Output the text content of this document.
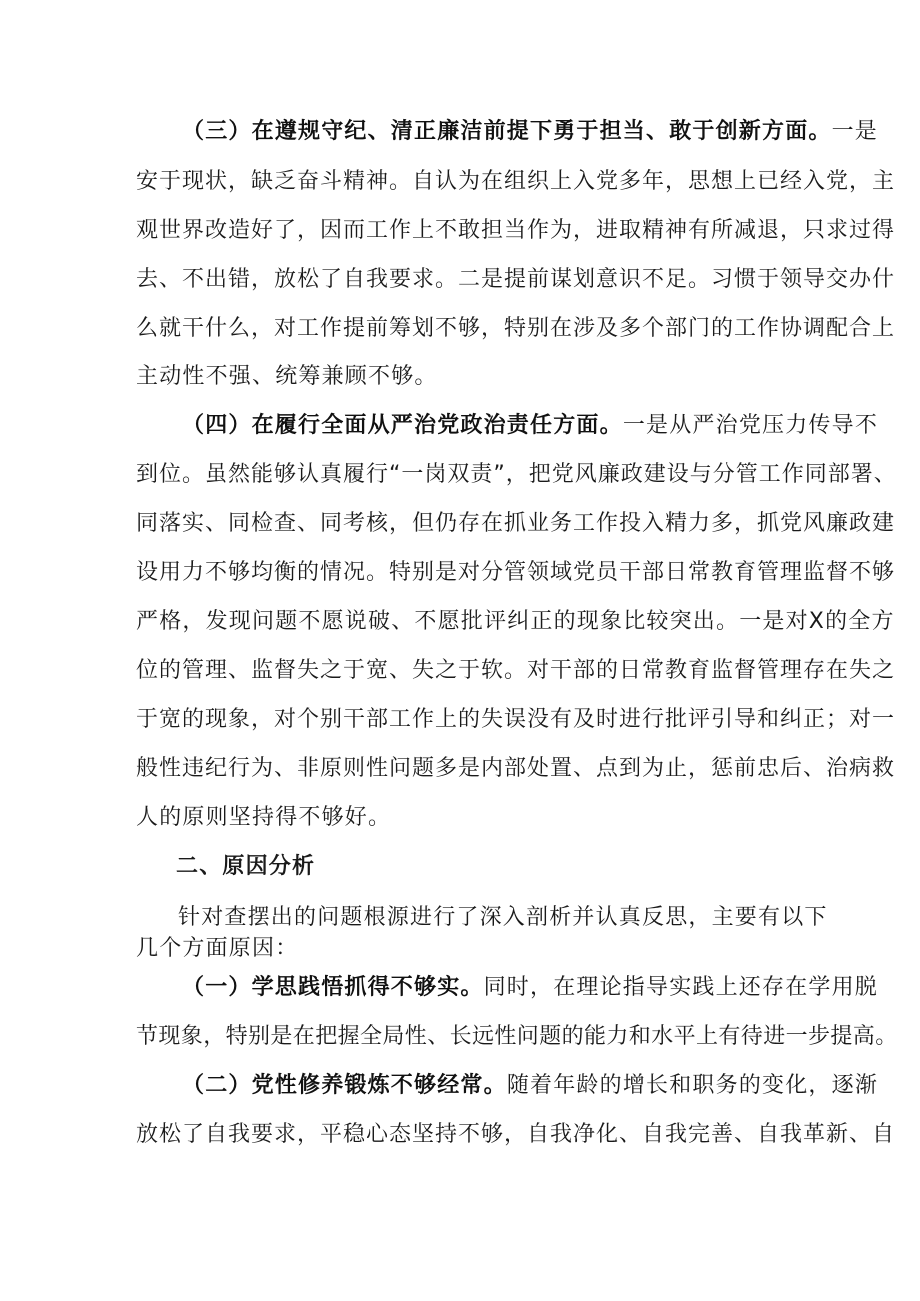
（三）在遵规守纪、清正廉洁前提下勇于担当、敢于创新方面。一是
安于现状，缺乏奋斗精神。自认为在组织上入党多年，思想上已经入党，主
观世界改造好了，因而工作上不敢担当作为，进取精神有所减退，只求过得
去、不出错，放松了自我要求。二是提前谋划意识不足。习惯于领导交办什
么就干什么，对工作提前筹划不够，特别在涉及多个部门的工作协调配合上
主动性不强、统筹兼顾不够。
（四）在履行全面从严治党政治责任方面。一是从严治党压力传导不
到位。虽然能够认真履行“一岗双责”，把党风廉政建设与分管工作同部署、
同落实、同检查、同考核，但仍存在抓业务工作投入精力多，抓党风廉政建
设用力不够均衡的情况。特别是对分管领域党员干部日常教育管理监督不够
严格，发现问题不愿说破、不愿批评纠正的现象比较突出。一是对X的全方
位的管理、监督失之于宽、失之于软。对干部的日常教育监督管理存在失之
于宽的现象，对个别干部工作上的失误没有及时进行批评引导和纠正；对一
般性违纪行为、非原则性问题多是内部处置、点到为止，惩前忠后、治病救
人的原则坚持得不够好。
二、原因分析
针对查摆出的问题根源进行了深入剖析并认真反思，主要有以下
几个方面原因：
（一）学思践悟抓得不够实。同时，在理论指导实践上还存在学用脱
节现象，特别是在把握全局性、长远性问题的能力和水平上有待进一步提高。
（二）党性修养锻炼不够经常。随着年龄的增长和职务的变化，逐渐
放松了自我要求，平稳心态坚持不够，自我净化、自我完善、自我革新、自
